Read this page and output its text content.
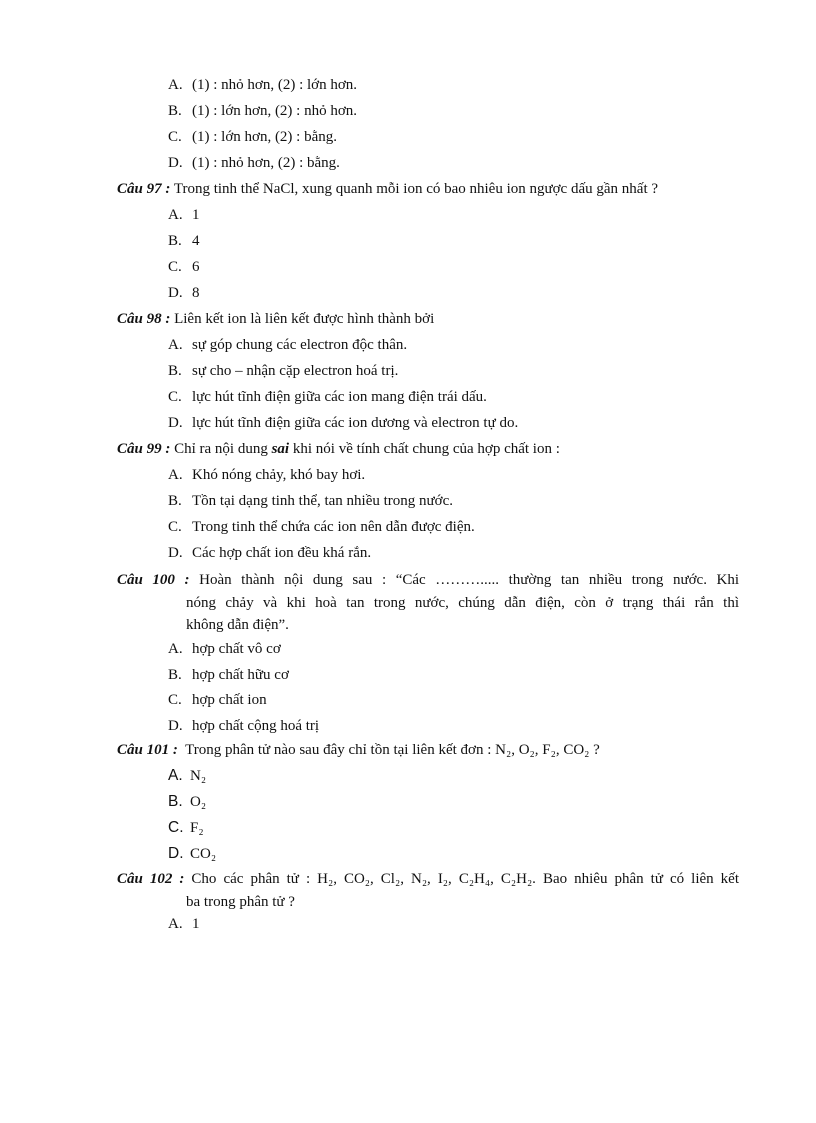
A. (1) : nhỏ hơn, (2) : lớn hơn.
B. (1) : lớn hơn, (2) : nhỏ hơn.
C. (1) : lớn hơn, (2) : bằng.
D. (1) : nhỏ hơn, (2) : bằng.

Câu 97 : Trong tinh thể NaCl, xung quanh mỗi ion có bao nhiêu ion ngược dấu gần nhất ?

A. 1
B. 4
C. 6
D. 8

Câu 98 : Liên kết ion là liên kết được hình thành bởi

A. sự góp chung các electron độc thân.
B. sự cho – nhận cặp electron hoá trị.
C. lực hút tĩnh điện giữa các ion mang điện trái dấu.
D. lực hút tĩnh điện giữa các ion dương và electron tự do.

Câu 99 : Chỉ ra nội dung sai khi nói về tính chất chung của hợp chất ion :

A. Khó nóng chảy, khó bay hơi.
B. Tồn tại dạng tinh thể, tan nhiều trong nước.
C. Trong tinh thể chứa các ion nên dẫn được điện.
D. Các hợp chất ion đều khá rắn.
Câu 100 : Hoàn thành nội dung sau : “Các ………..... thường tan nhiều trong nước. Khi
nóng chảy và khi hoà tan trong nước, chúng dẫn điện, còn ở trạng thái rắn thì
không dẫn điện”.
A. hợp chất vô cơ
B. hợp chất hữu cơ
C. hợp chất ion
D. hợp chất cộng hoá trị

Câu 101 : Trong phân tử nào sau đây chỉ tồn tại liên kết đơn : N₂, O₂, F₂, CO₂ ?

A. N₂
B. O₂
C. F₂
D. CO₂
Câu 102 : Cho các phân tử : H₂, CO₂, Cl₂, N₂, I₂, C₂H₄, C₂H₂. Bao nhiêu phân tử có liên kết
ba trong phân tử ?
A. 1
